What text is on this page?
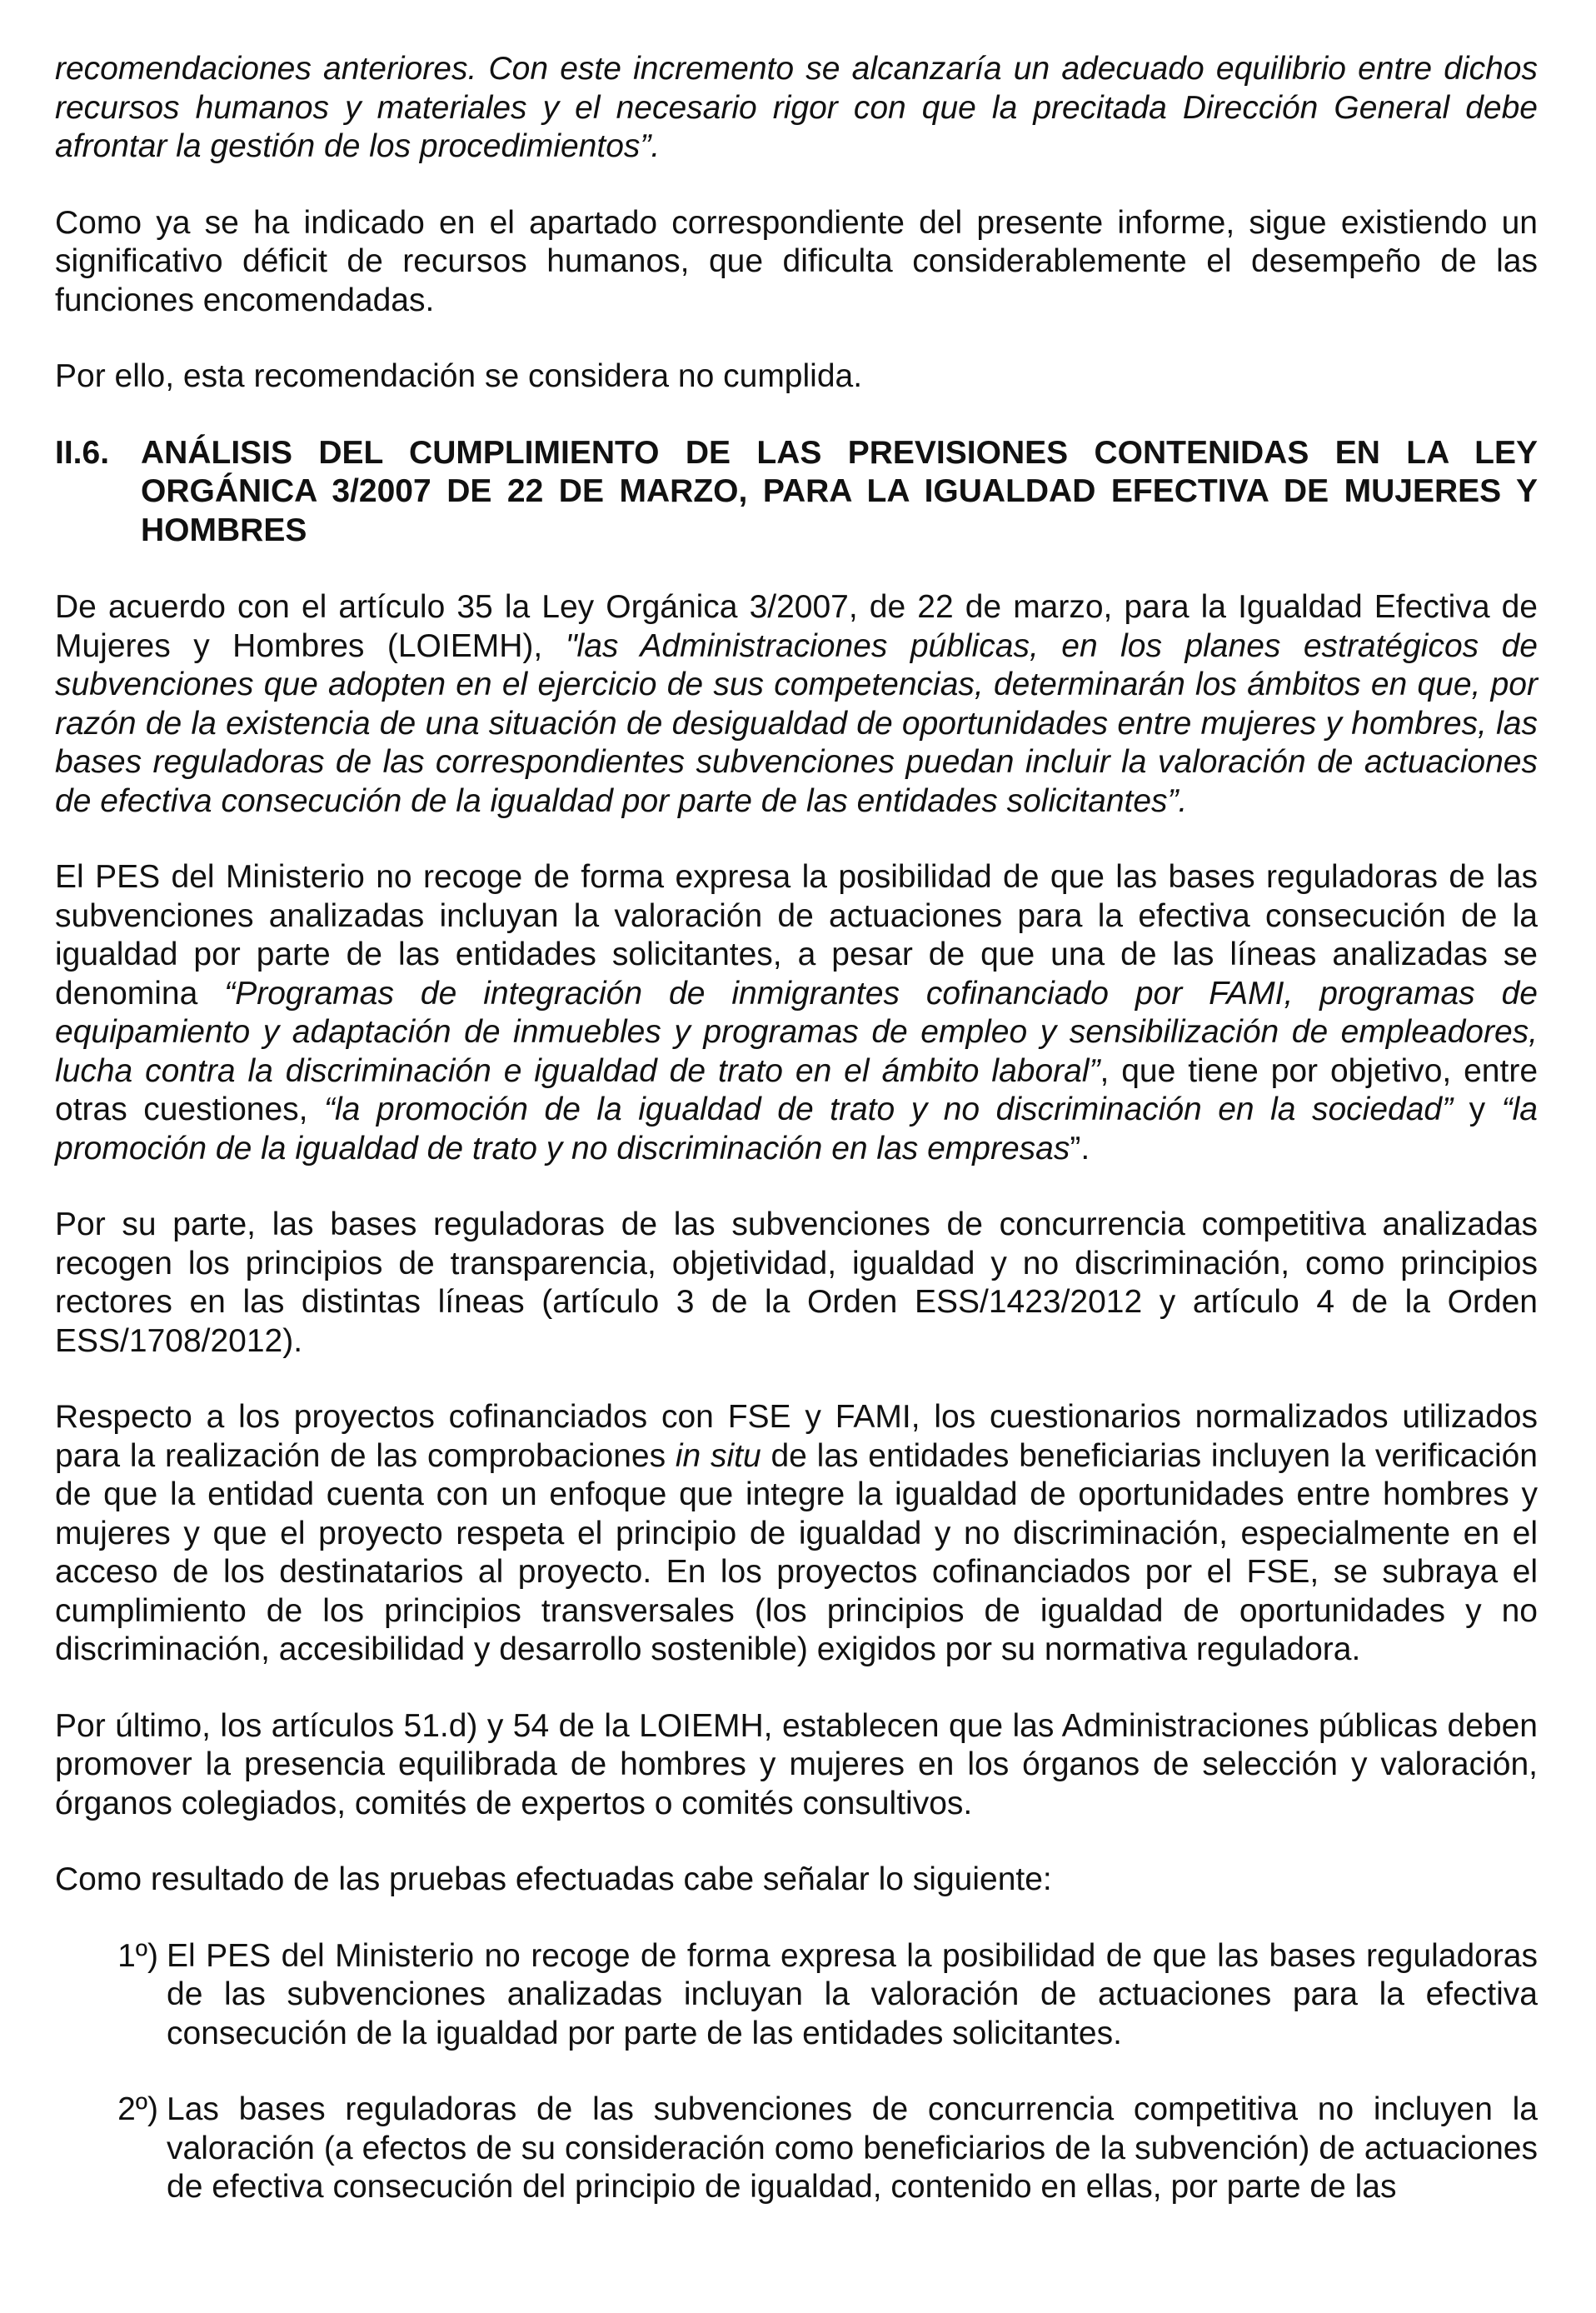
recomendaciones anteriores. Con este incremento se alcanzaría un adecuado equilibrio entre dichos recursos humanos y materiales y el necesario rigor con que la precitada Dirección General debe afrontar la gestión de los procedimientos”.

Como ya se ha indicado en el apartado correspondiente del presente informe, sigue existiendo un significativo déficit de recursos humanos, que dificulta considerablemente el desempeño de las funciones encomendadas.

Por ello, esta recomendación se considera no cumplida.

II.6. ANÁLISIS DEL CUMPLIMIENTO DE LAS PREVISIONES CONTENIDAS EN LA LEY ORGÁNICA 3/2007 DE 22 DE MARZO, PARA LA IGUALDAD EFECTIVA DE MUJERES Y HOMBRES

De acuerdo con el artículo 35 la Ley Orgánica 3/2007, de 22 de marzo, para la Igualdad Efectiva de Mujeres y Hombres (LOIEMH), "las Administraciones públicas, en los planes estratégicos de subvenciones que adopten en el ejercicio de sus competencias, determinarán los ámbitos en que, por razón de la existencia de una situación de desigualdad de oportunidades entre mujeres y hombres, las bases reguladoras de las correspondientes subvenciones puedan incluir la valoración de actuaciones de efectiva consecución de la igualdad por parte de las entidades solicitantes”.

El PES del Ministerio no recoge de forma expresa la posibilidad de que las bases reguladoras de las subvenciones analizadas incluyan la valoración de actuaciones para la efectiva consecución de la igualdad por parte de las entidades solicitantes, a pesar de que una de las líneas analizadas se denomina “Programas de integración de inmigrantes cofinanciado por FAMI, programas de equipamiento y adaptación de inmuebles y programas de empleo y sensibilización de empleadores, lucha contra la discriminación e igualdad de trato en el ámbito laboral”, que tiene por objetivo, entre otras cuestiones, “la promoción de la igualdad de trato y no discriminación en la sociedad” y “la promoción de la igualdad de trato y no discriminación en las empresas”.

Por su parte, las bases reguladoras de las subvenciones de concurrencia competitiva analizadas recogen los principios de transparencia, objetividad, igualdad y no discriminación, como principios rectores en las distintas líneas (artículo 3 de la Orden ESS/1423/2012 y artículo 4 de la Orden ESS/1708/2012).

Respecto a los proyectos cofinanciados con FSE y FAMI, los cuestionarios normalizados utilizados para la realización de las comprobaciones in situ de las entidades beneficiarias incluyen la verificación de que la entidad cuenta con un enfoque que integre la igualdad de oportunidades entre hombres y mujeres y que el proyecto respeta el principio de igualdad y no discriminación, especialmente en el acceso de los destinatarios al proyecto. En los proyectos cofinanciados por el FSE, se subraya el cumplimiento de los principios transversales (los principios de igualdad de oportunidades y no discriminación, accesibilidad y desarrollo sostenible) exigidos por su normativa reguladora.

Por último, los artículos 51.d) y 54 de la LOIEMH, establecen que las Administraciones públicas deben promover la presencia equilibrada de hombres y mujeres en los órganos de selección y valoración, órganos colegiados, comités de expertos o comités consultivos.

Como resultado de las pruebas efectuadas cabe señalar lo siguiente:

1º) El PES del Ministerio no recoge de forma expresa la posibilidad de que las bases reguladoras de las subvenciones analizadas incluyan la valoración de actuaciones para la efectiva consecución de la igualdad por parte de las entidades solicitantes.
2º) Las bases reguladoras de las subvenciones de concurrencia competitiva no incluyen la valoración (a efectos de su consideración como beneficiarios de la subvención) de actuaciones de efectiva consecución del principio de igualdad, contenido en ellas, por parte de las
